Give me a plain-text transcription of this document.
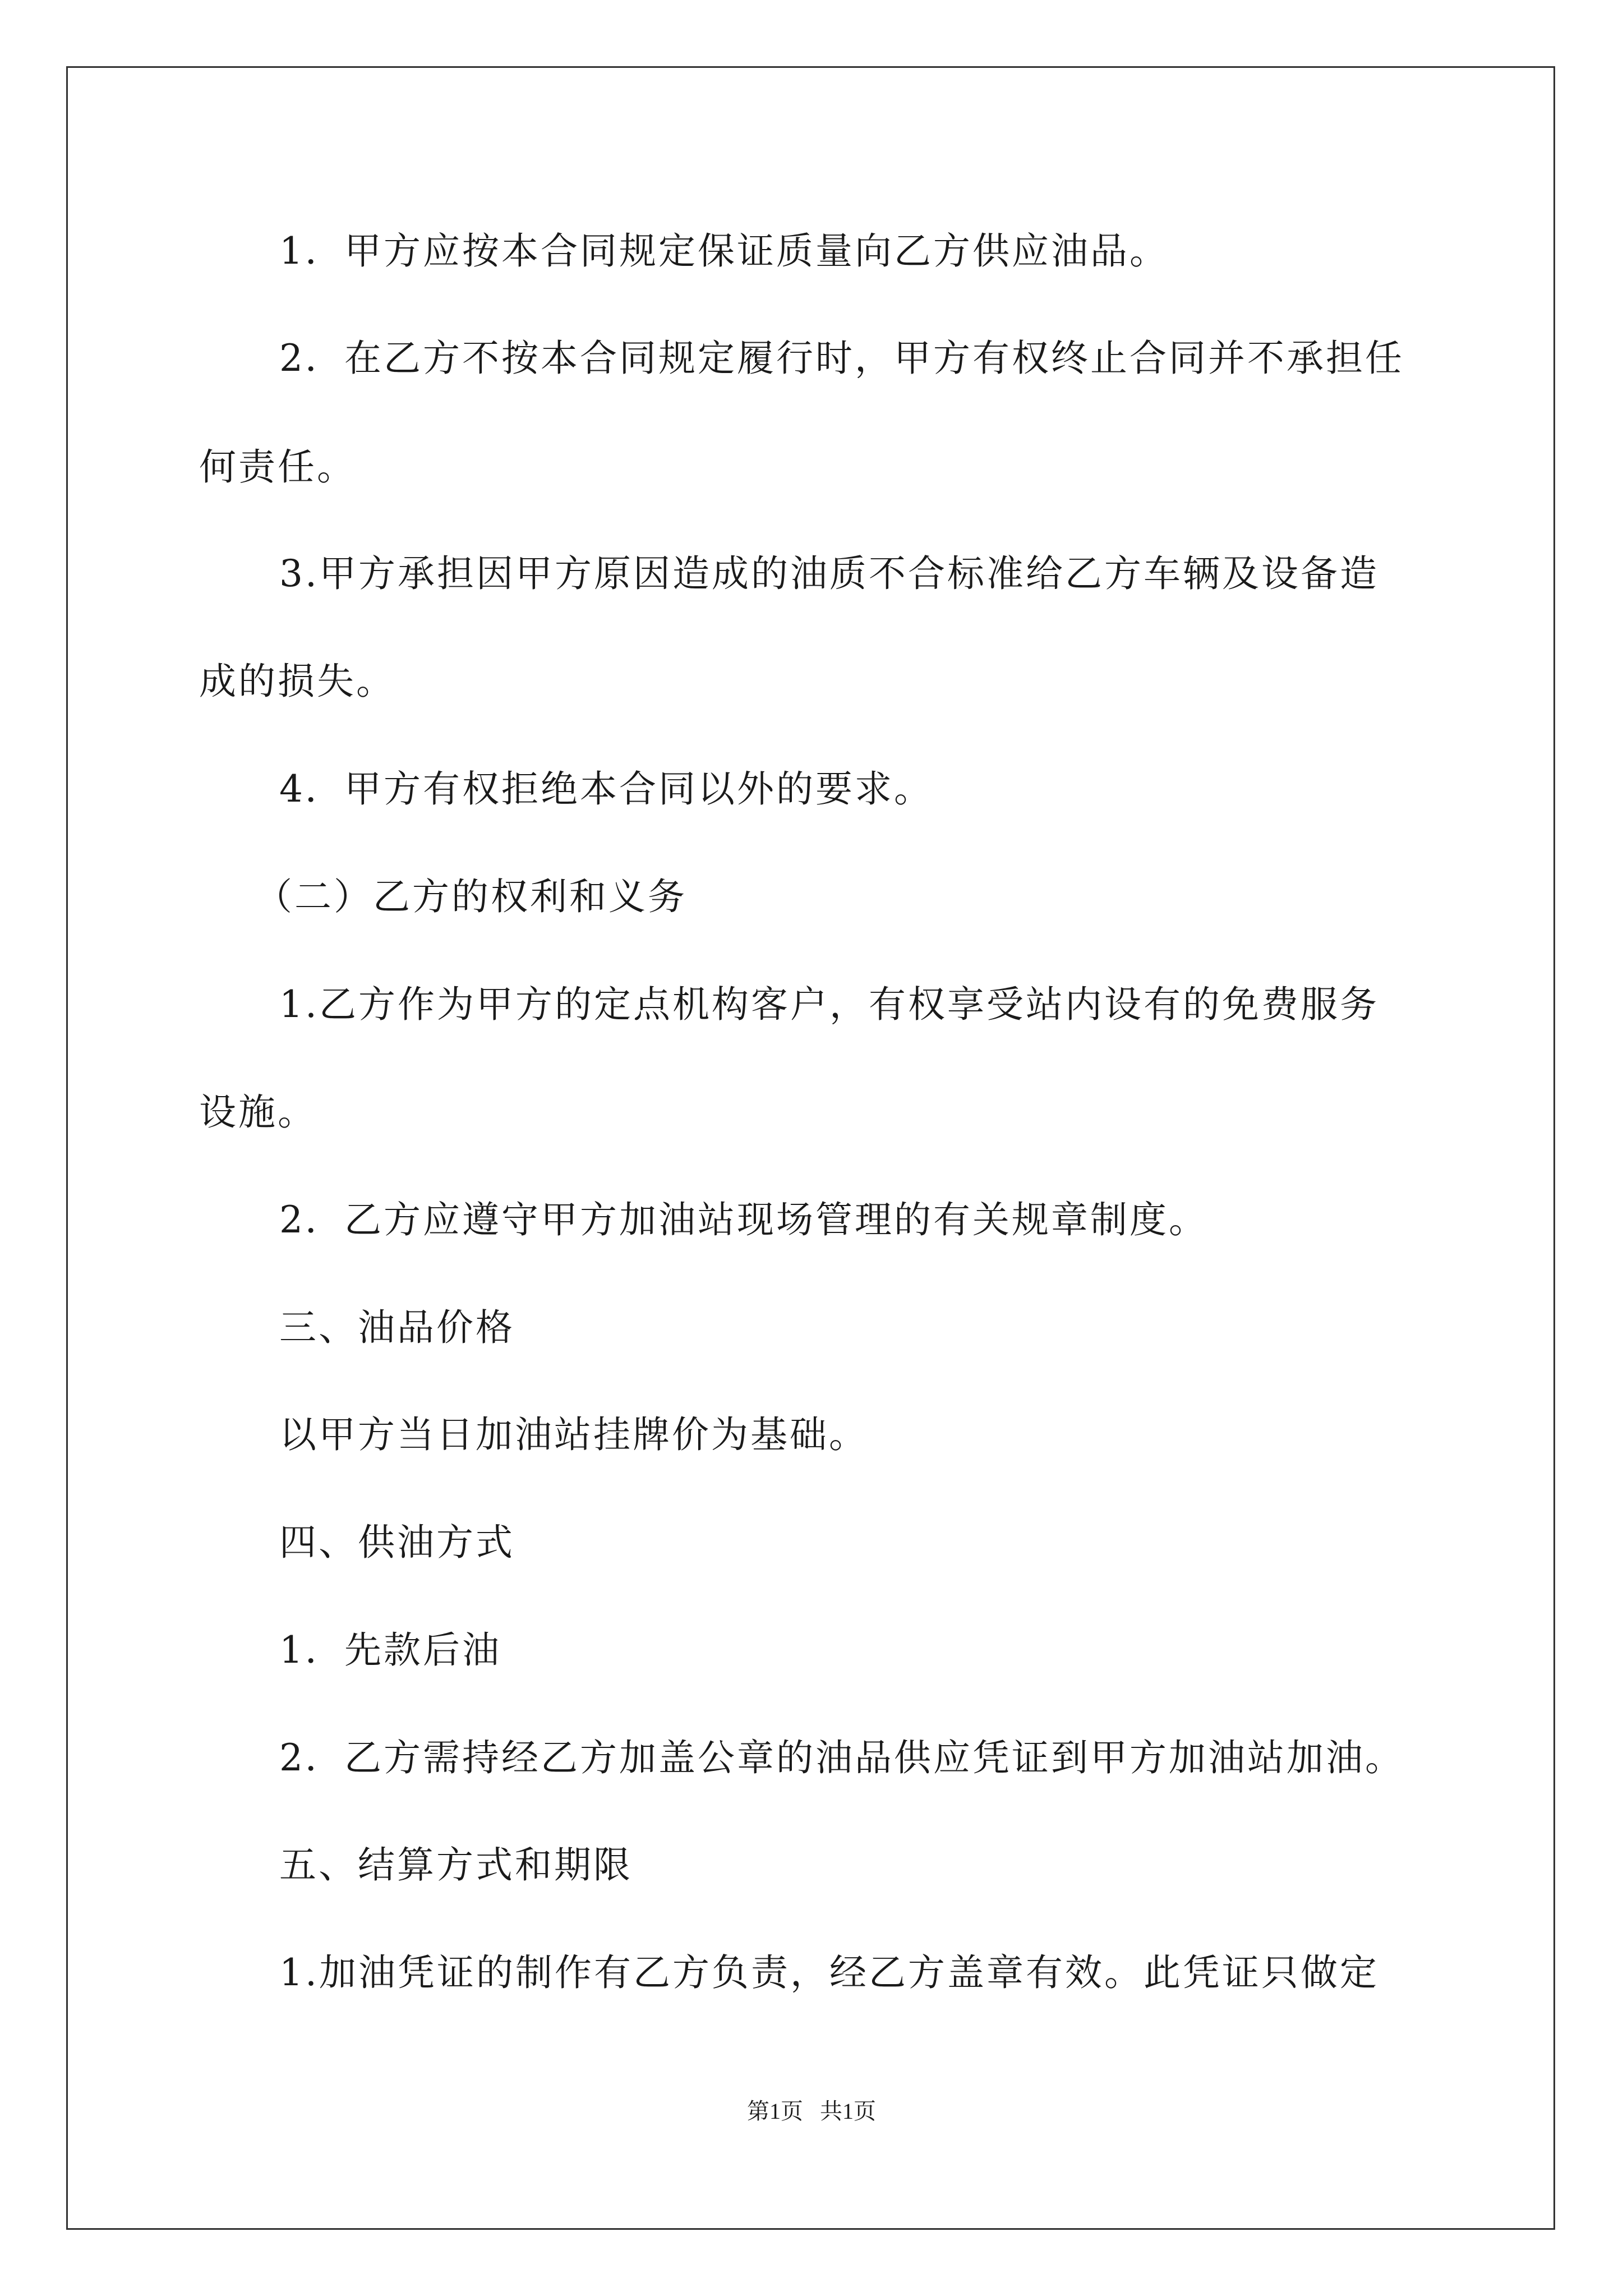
1．甲方应按本合同规定保证质量向乙方供应油品。

2．在乙方不按本合同规定履行时，甲方有权终止合同并不承担任

何责任。

3.甲方承担因甲方原因造成的油质不合标准给乙方车辆及设备造

成的损失。

4．甲方有权拒绝本合同以外的要求。

（二）乙方的权利和义务

1.乙方作为甲方的定点机构客户，有权享受站内设有的免费服务

设施。

2．乙方应遵守甲方加油站现场管理的有关规章制度。

三、油品价格

以甲方当日加油站挂牌价为基础。

四、供油方式

1．先款后油

2．乙方需持经乙方加盖公章的油品供应凭证到甲方加油站加油。

五、结算方式和期限

1.加油凭证的制作有乙方负责，经乙方盖章有效。此凭证只做定

第1页 共1页
